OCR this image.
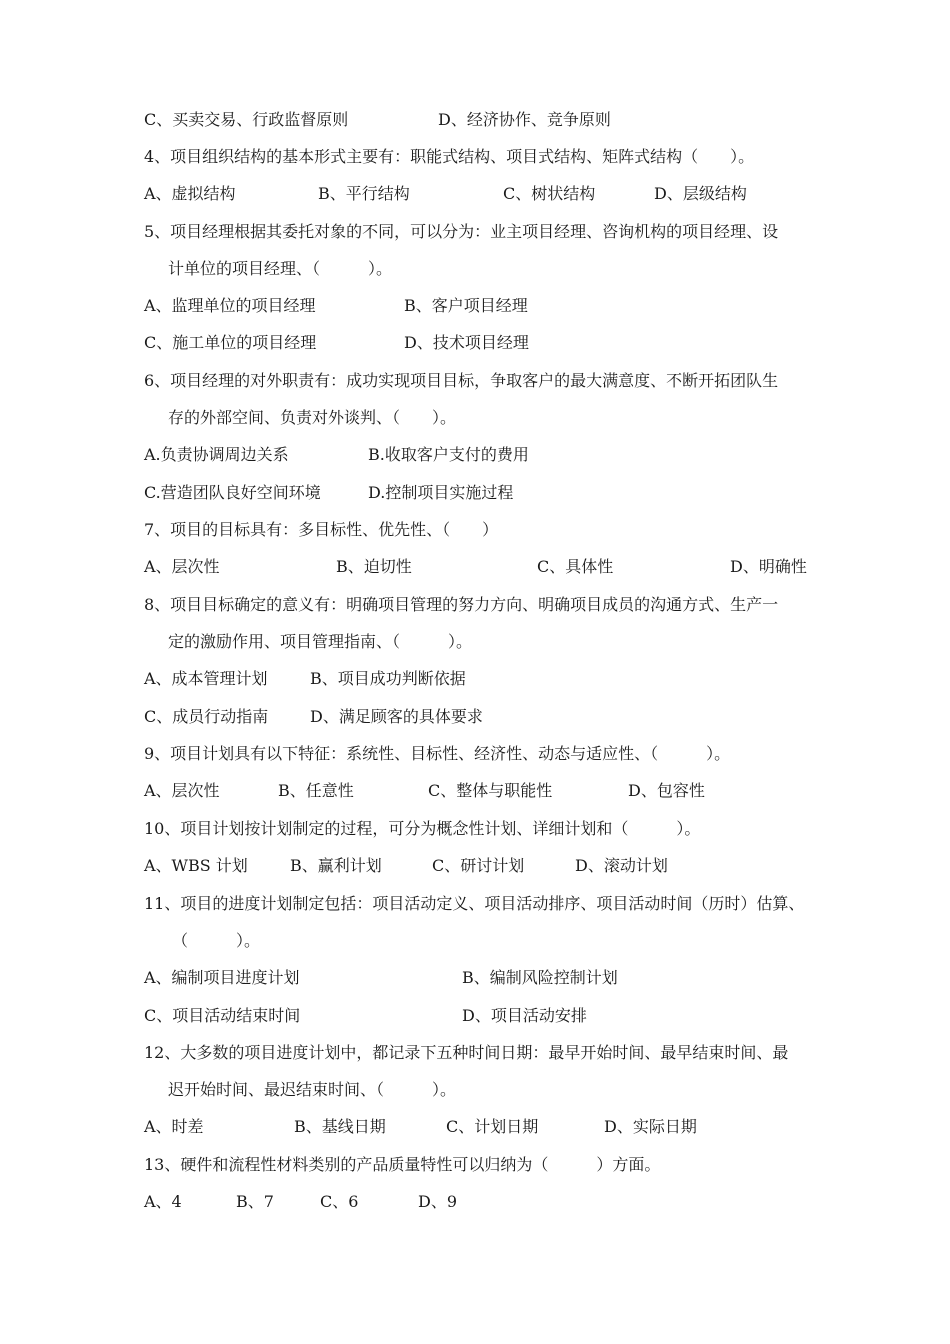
C、买卖交易、行政监督原则	D、经济协作、竞争原则
4、项目组织结构的基本形式主要有：职能式结构、项目式结构、矩阵式结构（　　）。
A、虚拟结构	B、平行结构	C、树状结构	D、层级结构
5、项目经理根据其委托对象的不同，可以分为：业主项目经理、咨询机构的项目经理、设
计单位的项目经理、（　　　）。
A、监理单位的项目经理	B、客户项目经理
C、施工单位的项目经理	D、技术项目经理
6、项目经理的对外职责有：成功实现项目目标，争取客户的最大满意度、不断开拓团队生
存的外部空间、负责对外谈判、（　　）。
A.负责协调周边关系	B.收取客户支付的费用
C.营造团队良好空间环境	D.控制项目实施过程
7、项目的目标具有：多目标性、优先性、（　　）
A、层次性	B、迫切性	C、具体性	D、明确性
8、项目目标确定的意义有：明确项目管理的努力方向、明确项目成员的沟通方式、生产一
定的激励作用、项目管理指南、（　　　）。
A、成本管理计划	B、项目成功判断依据
C、成员行动指南	D、满足顾客的具体要求
9、项目计划具有以下特征：系统性、目标性、经济性、动态与适应性、（　　　）。
A、层次性	B、任意性	C、整体与职能性	D、包容性
10、项目计划按计划制定的过程，可分为概念性计划、详细计划和（　　　）。
A、WBS 计划	B、赢利计划	C、研讨计划	D、滚动计划
11、项目的进度计划制定包括：项目活动定义、项目活动排序、项目活动时间（历时）估算、
（　　　）。
A、编制项目进度计划	B、编制风险控制计划
C、项目活动结束时间	D、项目活动安排
12、大多数的项目进度计划中，都记录下五种时间日期：最早开始时间、最早结束时间、最
迟开始时间、最迟结束时间、（　　　）。
A、时差	B、基线日期	C、计划日期	D、实际日期
13、硬件和流程性材料类别的产品质量特性可以归纳为（　　　）方面。
A、4	B、7	C、6	D、9
